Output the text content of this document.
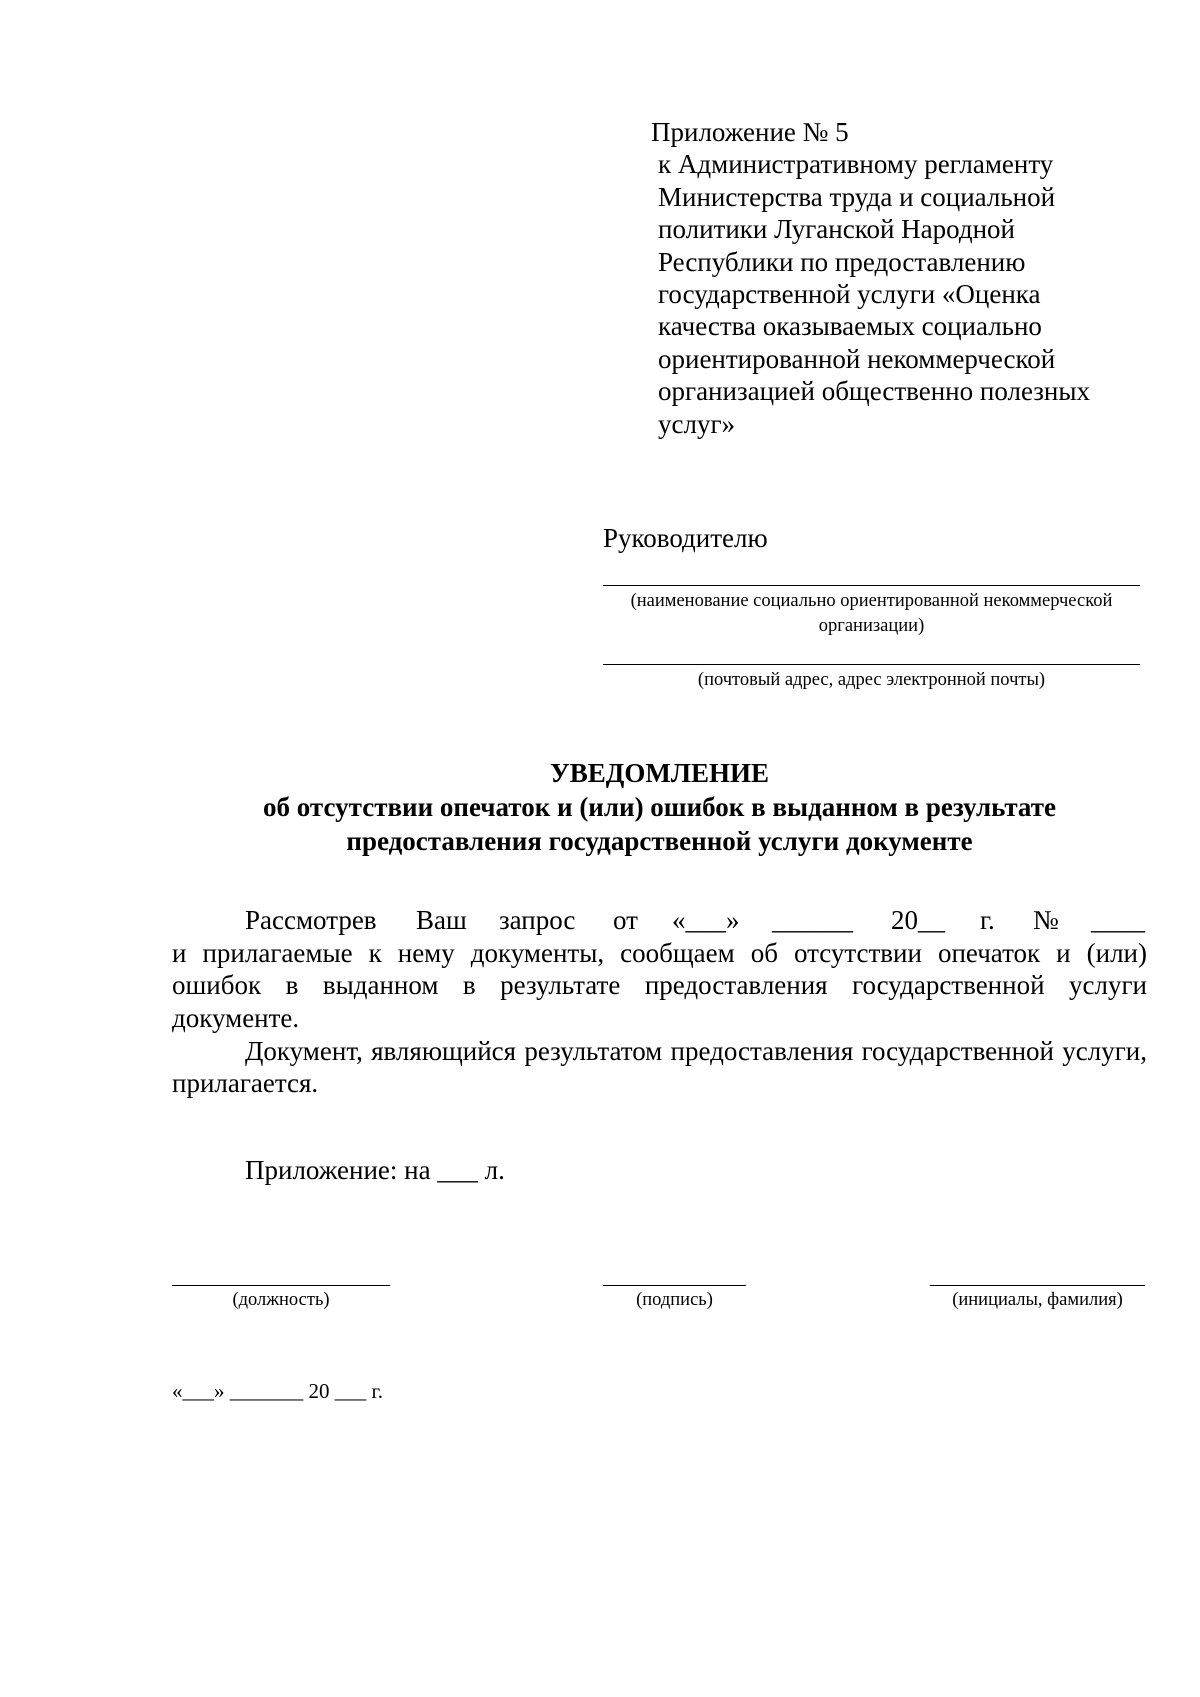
Приложение № 5
к Административному регламенту
Министерства труда и социальной
политики Луганской Народной
Республики по предоставлению
государственной услуги «Оценка
качества оказываемых социально
ориентированной некоммерческой
организацией общественно полезных
услуг»
Руководителю
(наименование социально ориентированной некоммерческой
организации)
(почтовый адрес, адрес электронной почты)
УВЕДОМЛЕНИЕ
об отсутствии опечаток и (или) ошибок в выданном в результате
предоставления государственной услуги документе
Рассмотрев Ваш запрос от «___» ______ 20__ г. № ____
и прилагаемые к нему документы, сообщаем об отсутствии опечаток и (или) ошибок в выданном в результате предоставления государственной услуги документе.

Документ, являющийся результатом предоставления государственной услуги, прилагается.

Приложение: на ___ л.
(должность)	(подпись)	(инициалы, фамилия)
«___» _______ 20 ___ г.
